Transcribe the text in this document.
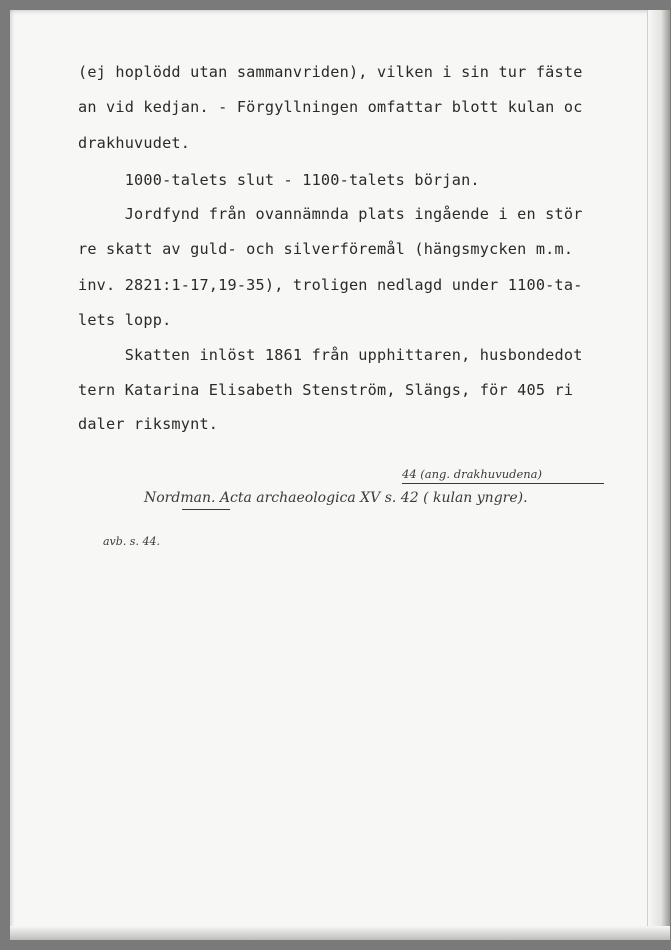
(ej hoplödd utan sammanvriden), vilken i sin tur fäste
an vid kedjan. - Förgyllningen omfattar blott kulan oc
drakhuvudet.
1000-talets slut - 1100-talets början.
Jordfynd från ovannämnda plats ingående i en stör
re skatt av guld- och silverföremål (hängsmycken m.m.
inv. 2821:1-17,19-35), troligen nedlagd under 1100-ta-
lets lopp.
Skatten inlöst 1861 från upphittaren, husbondedot
tern Katarina Elisabeth Stenström, Slängs, för 405 ri
daler riksmynt.
44 (ang. drakhuvudena)
Nordman. Acta archaeologica XV s. 42 ( kulan yngre).
avb. s. 44.
